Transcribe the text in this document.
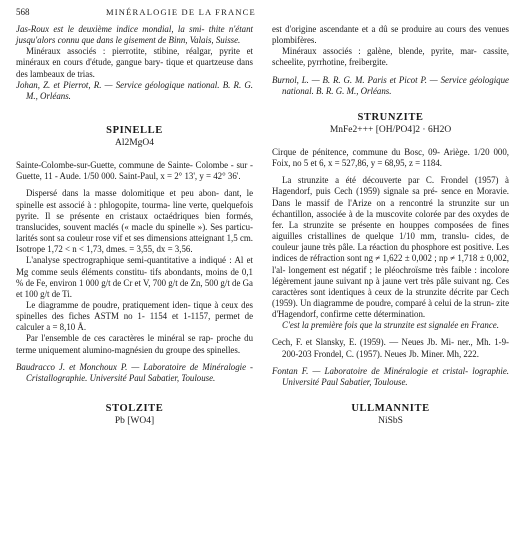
568	MINÉRALOGIE DE LA FRANCE

Jas-Roux est le deuxième indice mondial, la smi- thite n'étant jusqu'alors connu que dans le gisement de Binn, Valais, Suisse.

Minéraux associés : pierrotite, stibine, réalgar, pyrite et minéraux en cours d'étude, gangue bary- tique et quartzeuse dans des lambeaux de trias.

Johan, Z. et Pierrot, R. — Service géologique national. B. R. G. M., Orléans.

SPINELLE
Al2MgO4

Sainte-Colombe-sur-Guette, commune de Sainte- Colombe - sur - Guette, 11 - Aude. 1/50 000. Saint-Paul, x = 2° 13', y = 42° 36'.

Dispersé dans la masse dolomitique et peu abon- dant, le spinelle est associé à : phlogopite, tourma- line verte, quelquefois pyrite. Il se présente en cristaux octaédriques bien formés, translucides, souvent maclés (« macle du spinelle »). Ses particu- larités sont sa couleur rose vif et ses dimensions atteignant 1,5 cm. Isotrope 1,72 < n < 1,73, dmes. = 3,55, dx = 3,56.

L'analyse spectrographique semi-quantitative a indiqué : Al et Mg comme seuls éléments constitu- tifs abondants, moins de 0,1 % de Fe, environ 1 000 g/t de Cr et V, 700 g/t de Zn, 500 g/t de Ga et 100 g/t de Ti.

Le diagramme de poudre, pratiquement iden- tique à ceux des spinelles des fiches ASTM no 1- 1154 et 1-1157, permet de calculer a = 8,10 Å.

Par l'ensemble de ces caractères le minéral se rap- proche du terme uniquement alumino-magnésien du groupe des spinelles.

Baudracco J. et Monchoux P. — Laboratoire de Minéralogie - Cristallographie. Université Paul Sabatier, Toulouse.

STOLZITE
Pb [WO4]

est d'origine ascendante et a dû se produire au cours des venues plombifères.

Minéraux associés : galène, blende, pyrite, mar- cassite, scheelite, pyrrhotine, freibergite.

Burnol, L. — B. R. G. M. Paris et Picot P. — Service géologique national. B. R. G. M., Orléans.

STRUNZITE
MnFe2+++ [OH/PO4]2 · 6H2O

Cirque de pénitence, commune du Bosc, 09- Ariège. 1/20 000, Foix, no 5 et 6, x = 527,86, y = 68,95, z = 1184.

La strunzite a été découverte par C. Frondel (1957) à Hagendorf, puis Cech (1959) signale sa pré- sence en Moravie. Dans le massif de l'Arize on a rencontré la strunzite sur un échantillon, associée à de la muscovite colorée par des oxydes de fer. La strunzite se présente en houppes composées de fines aiguilles cristallines de quelque 1/10 mm, translu- cides, de couleur jaune très pâle. La réaction du phosphore est positive. Les indices de réfraction sont ng ≠ 1,622 ± 0,002 ; np ≠ 1,718 ± 0,002, l'al- longement est négatif ; le pléochroïsme très faible : incolore légèrement jaune suivant np à jaune vert très pâle suivant ng. Ces caractères sont identiques à ceux de la strunzite décrite par Cech (1959). Un diagramme de poudre, comparé à celui de la strun- zite d'Hagendorf, confirme cette détermination.

C'est la première fois que la strunzite est signalée en France.

Cech, F. et Slansky, E. (1959). — Neues Jb. Mi- ner., Mh. 1-9-200-203 Frondel, C. (1957). Neues Jb. Miner. Mh, 222.

Fontan F. — Laboratoire de Minéralogie et cristal- lographie. Université Paul Sabatier, Toulouse.

ULLMANNITE
NiSbS
